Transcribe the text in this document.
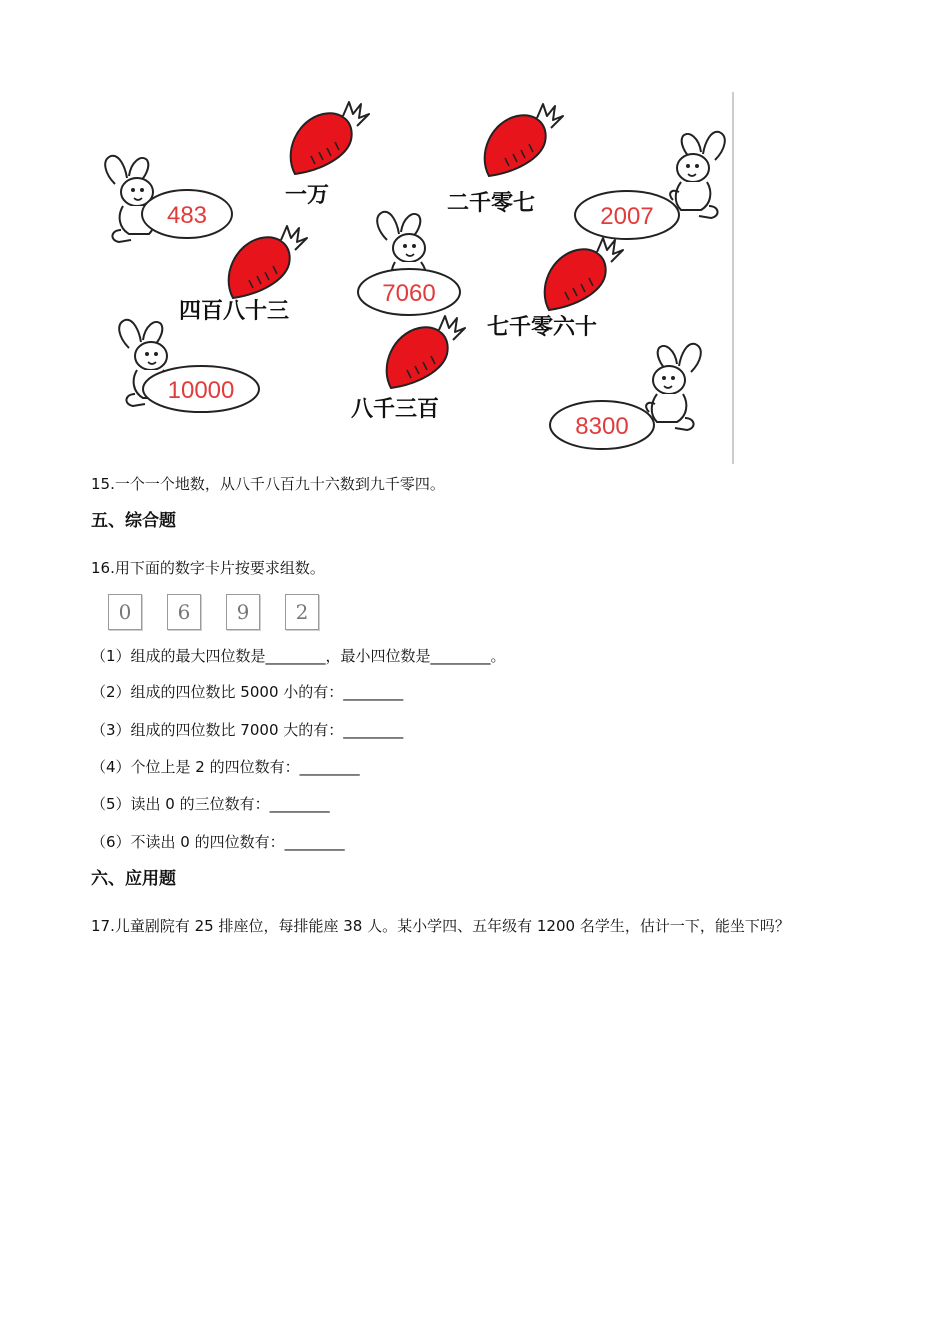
483	2007
7060
10000
8300
一万	二千零七
四百八十三
七千零六十
八千三百
15.一个一个地数，从八千八百九十六数到九千零四。
五、综合题
16.用下面的数字卡片按要求组数。
0	6	9	2
（1）组成的最大四位数是________，最小四位数是________。
（2）组成的四位数比 5000 小的有：________
（3）组成的四位数比 7000 大的有：________
（4）个位上是 2 的四位数有：________
（5）读出 0 的三位数有：________
（6）不读出 0 的四位数有：________
六、应用题
17.儿童剧院有 25 排座位，每排能座 38 人。某小学四、五年级有 1200 名学生，估计一下，能坐下吗？
